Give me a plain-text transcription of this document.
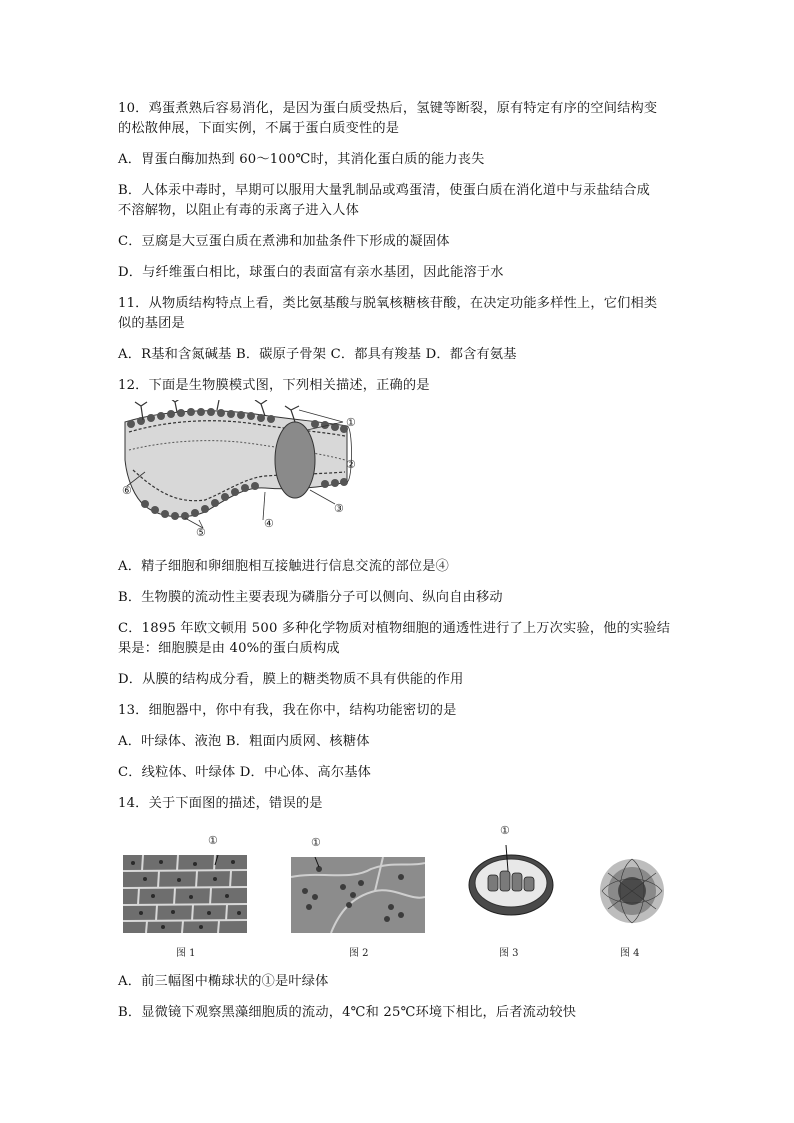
10．鸡蛋煮熟后容易消化，是因为蛋白质受热后，氢键等断裂，原有特定有序的空间结构变
的松散伸展，下面实例，不属于蛋白质变性的是
A．胃蛋白酶加热到 60～100℃时，其消化蛋白质的能力丧失
B．人体汞中毒时，早期可以服用大量乳制品或鸡蛋清，使蛋白质在消化道中与汞盐结合成
不溶解物，以阻止有毒的汞离子进入人体
C．豆腐是大豆蛋白质在煮沸和加盐条件下形成的凝固体
D．与纤维蛋白相比，球蛋白的表面富有亲水基团，因此能溶于水
11．从物质结构特点上看，类比氨基酸与脱氧核糖核苷酸，在决定功能多样性上，它们相类
似的基团是
A．R基和含氮碱基 B．碳原子骨架 C．都具有羧基 D．都含有氨基
12．下面是生物膜模式图，下列相关描述，正确的是
①
②
③
④
⑤
⑥
A．精子细胞和卵细胞相互接触进行信息交流的部位是④
B．生物膜的流动性主要表现为磷脂分子可以侧向、纵向自由移动
C．1895 年欧文顿用 500 多种化学物质对植物细胞的通透性进行了上万次实验，他的实验结
果是：细胞膜是由 40%的蛋白质构成
D．从膜的结构成分看，膜上的糖类物质不具有供能的作用
13．细胞器中，你中有我，我在你中，结构功能密切的是
A．叶绿体、液泡 B．粗面内质网、核糖体
C．线粒体、叶绿体 D．中心体、高尔基体
14．关于下面图的描述，错误的是
①
图 1
①
图 2
①
图 3	图 4
A．前三幅图中椭球状的①是叶绿体
B．显微镜下观察黑藻细胞质的流动，4℃和 25℃环境下相比，后者流动较快
